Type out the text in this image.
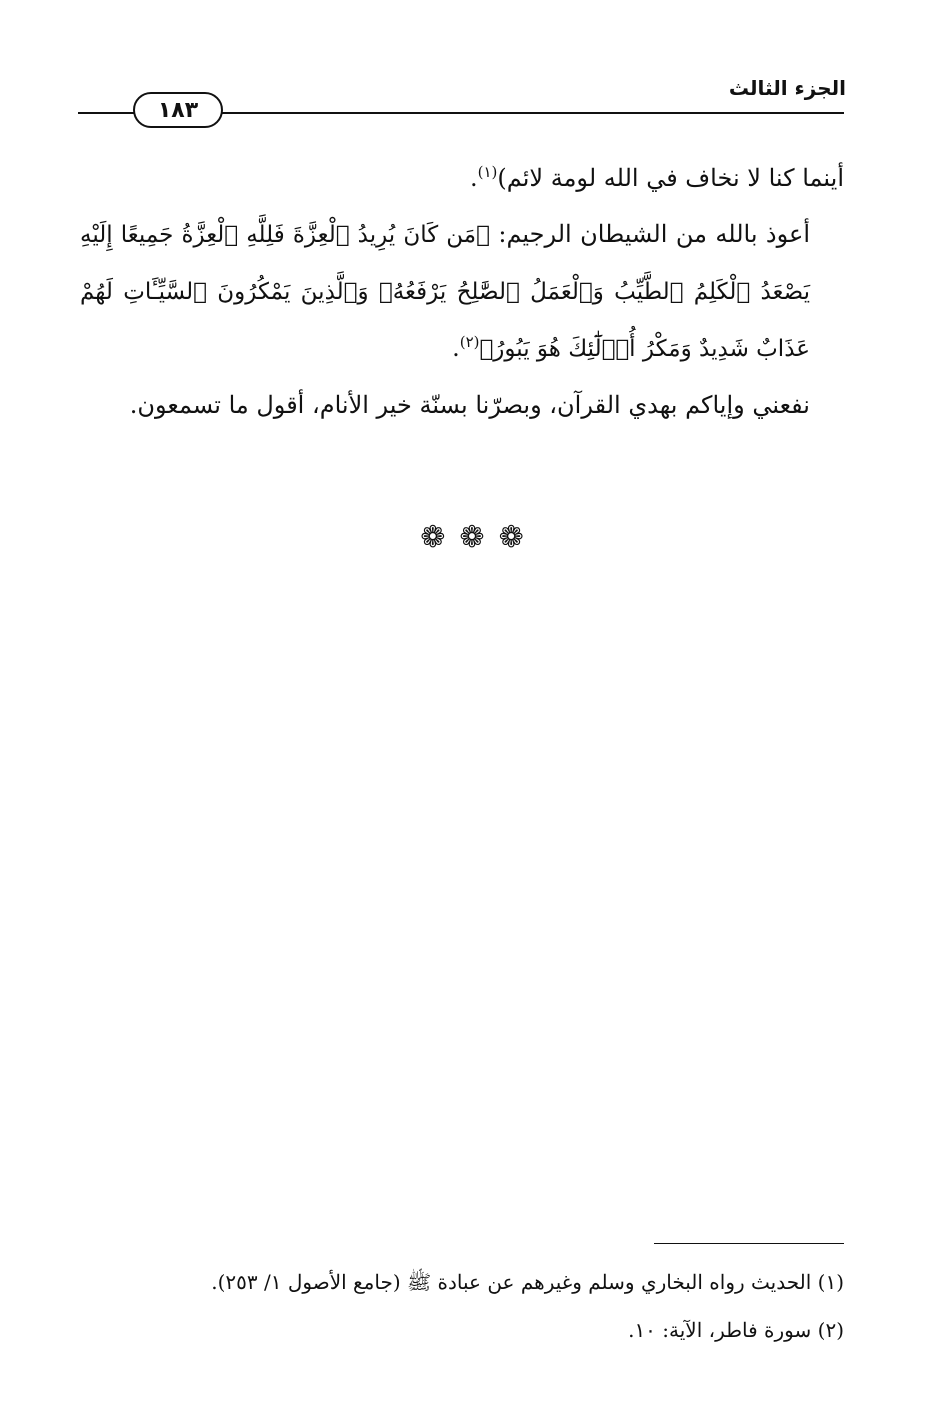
الجزء الثالث
١٨٣

أينما كنا لا نخاف في الله لومة لائم)$^{(١)}$.

أعوذ بالله من الشيطان الرجيم: ﴿مَن كَانَ يُرِيدُ ٱلْعِزَّةَ فَلِلَّهِ ٱلْعِزَّةُ جَمِيعًا إِلَيْهِ يَصْعَدُ ٱلْكَلِمُ ٱلطَّيِّبُ وَٱلْعَمَلُ ٱلصَّٰلِحُ يَرْفَعُهُۥ وَٱلَّذِينَ يَمْكُرُونَ ٱلسَّيِّـَٔاتِ لَهُمْ عَذَابٌ شَدِيدٌ وَمَكْرُ أُو۟لَٰٓئِكَ هُوَ يَبُورُ﴾$^{(٢)}$.

نفعني وإياكم بهدي القرآن، وبصرّنا بسنّة خير الأنام، أقول ما تسمعون.

❁ ❁ ❁

(١) الحديث رواه البخاري وسلم وغيرهم عن عبادة ﷺ (جامع الأصول ١/ ٢٥٣).

(٢) سورة فاطر، الآية: ١٠.
